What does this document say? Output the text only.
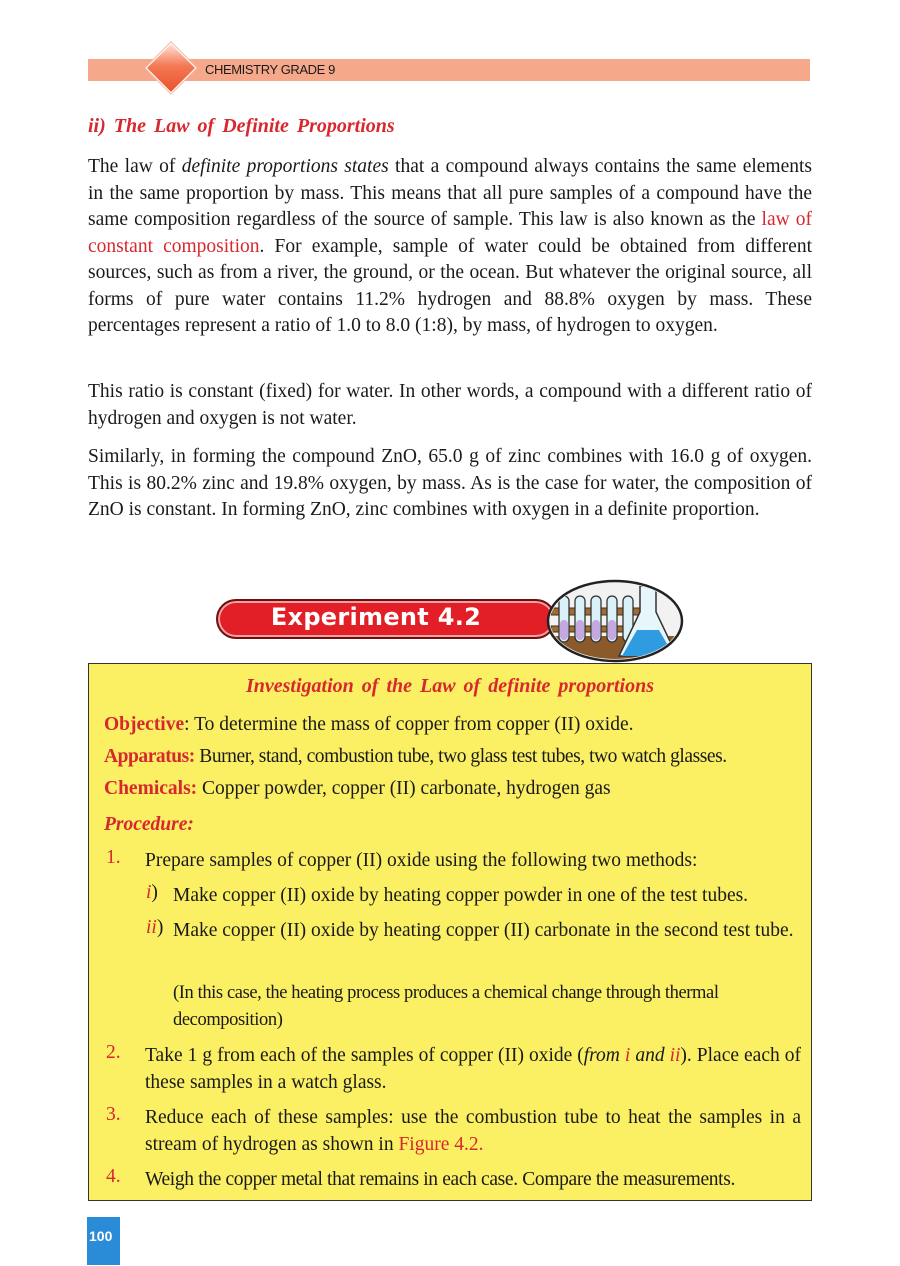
CHEMISTRY GRADE 9
ii) The Law of Definite Proportions

The law of definite proportions states that a compound always contains the same elements in the same proportion by mass. This means that all pure samples of a compound have the same composition regardless of the source of sample. This law is also known as the law of constant composition. For example, sample of water could be obtained from different sources, such as from a river, the ground, or the ocean. But whatever the original source, all forms of pure water contains 11.2% hydrogen and 88.8% oxygen by mass. These percentages represent a ratio of 1.0 to 8.0 (1:8), by mass, of hydrogen to oxygen.

This ratio is constant (fixed) for water. In other words, a compound with a different ratio of hydrogen and oxygen is not water.

Similarly, in forming the compound ZnO, 65.0 g of zinc combines with 16.0 g of oxygen. This is 80.2% zinc and 19.8% oxygen, by mass. As is the case for water, the composition of ZnO is constant. In forming ZnO, zinc combines with oxygen in a definite proportion.

Experiment 4.2
Investigation of the Law of definite proportions
Objective: To determine the mass of copper from copper (II) oxide.
Apparatus: Burner, stand, combustion tube, two glass test tubes, two watch glasses.
Chemicals: Copper powder, copper (II) carbonate, hydrogen gas
Procedure:
1. Prepare samples of copper (II) oxide using the following two methods:
i) Make copper (II) oxide by heating copper powder in one of the test tubes.
ii) Make copper (II) oxide by heating copper (II) carbonate in the second test tube.
(In this case, the heating process produces a chemical change through thermal decomposition)
2. Take 1 g from each of the samples of copper (II) oxide (from i and ii). Place each of these samples in a watch glass.
3. Reduce each of these samples: use the combustion tube to heat the samples in a stream of hydrogen as shown in Figure 4.2.
4. Weigh the copper metal that remains in each case. Compare the measurements.
100
